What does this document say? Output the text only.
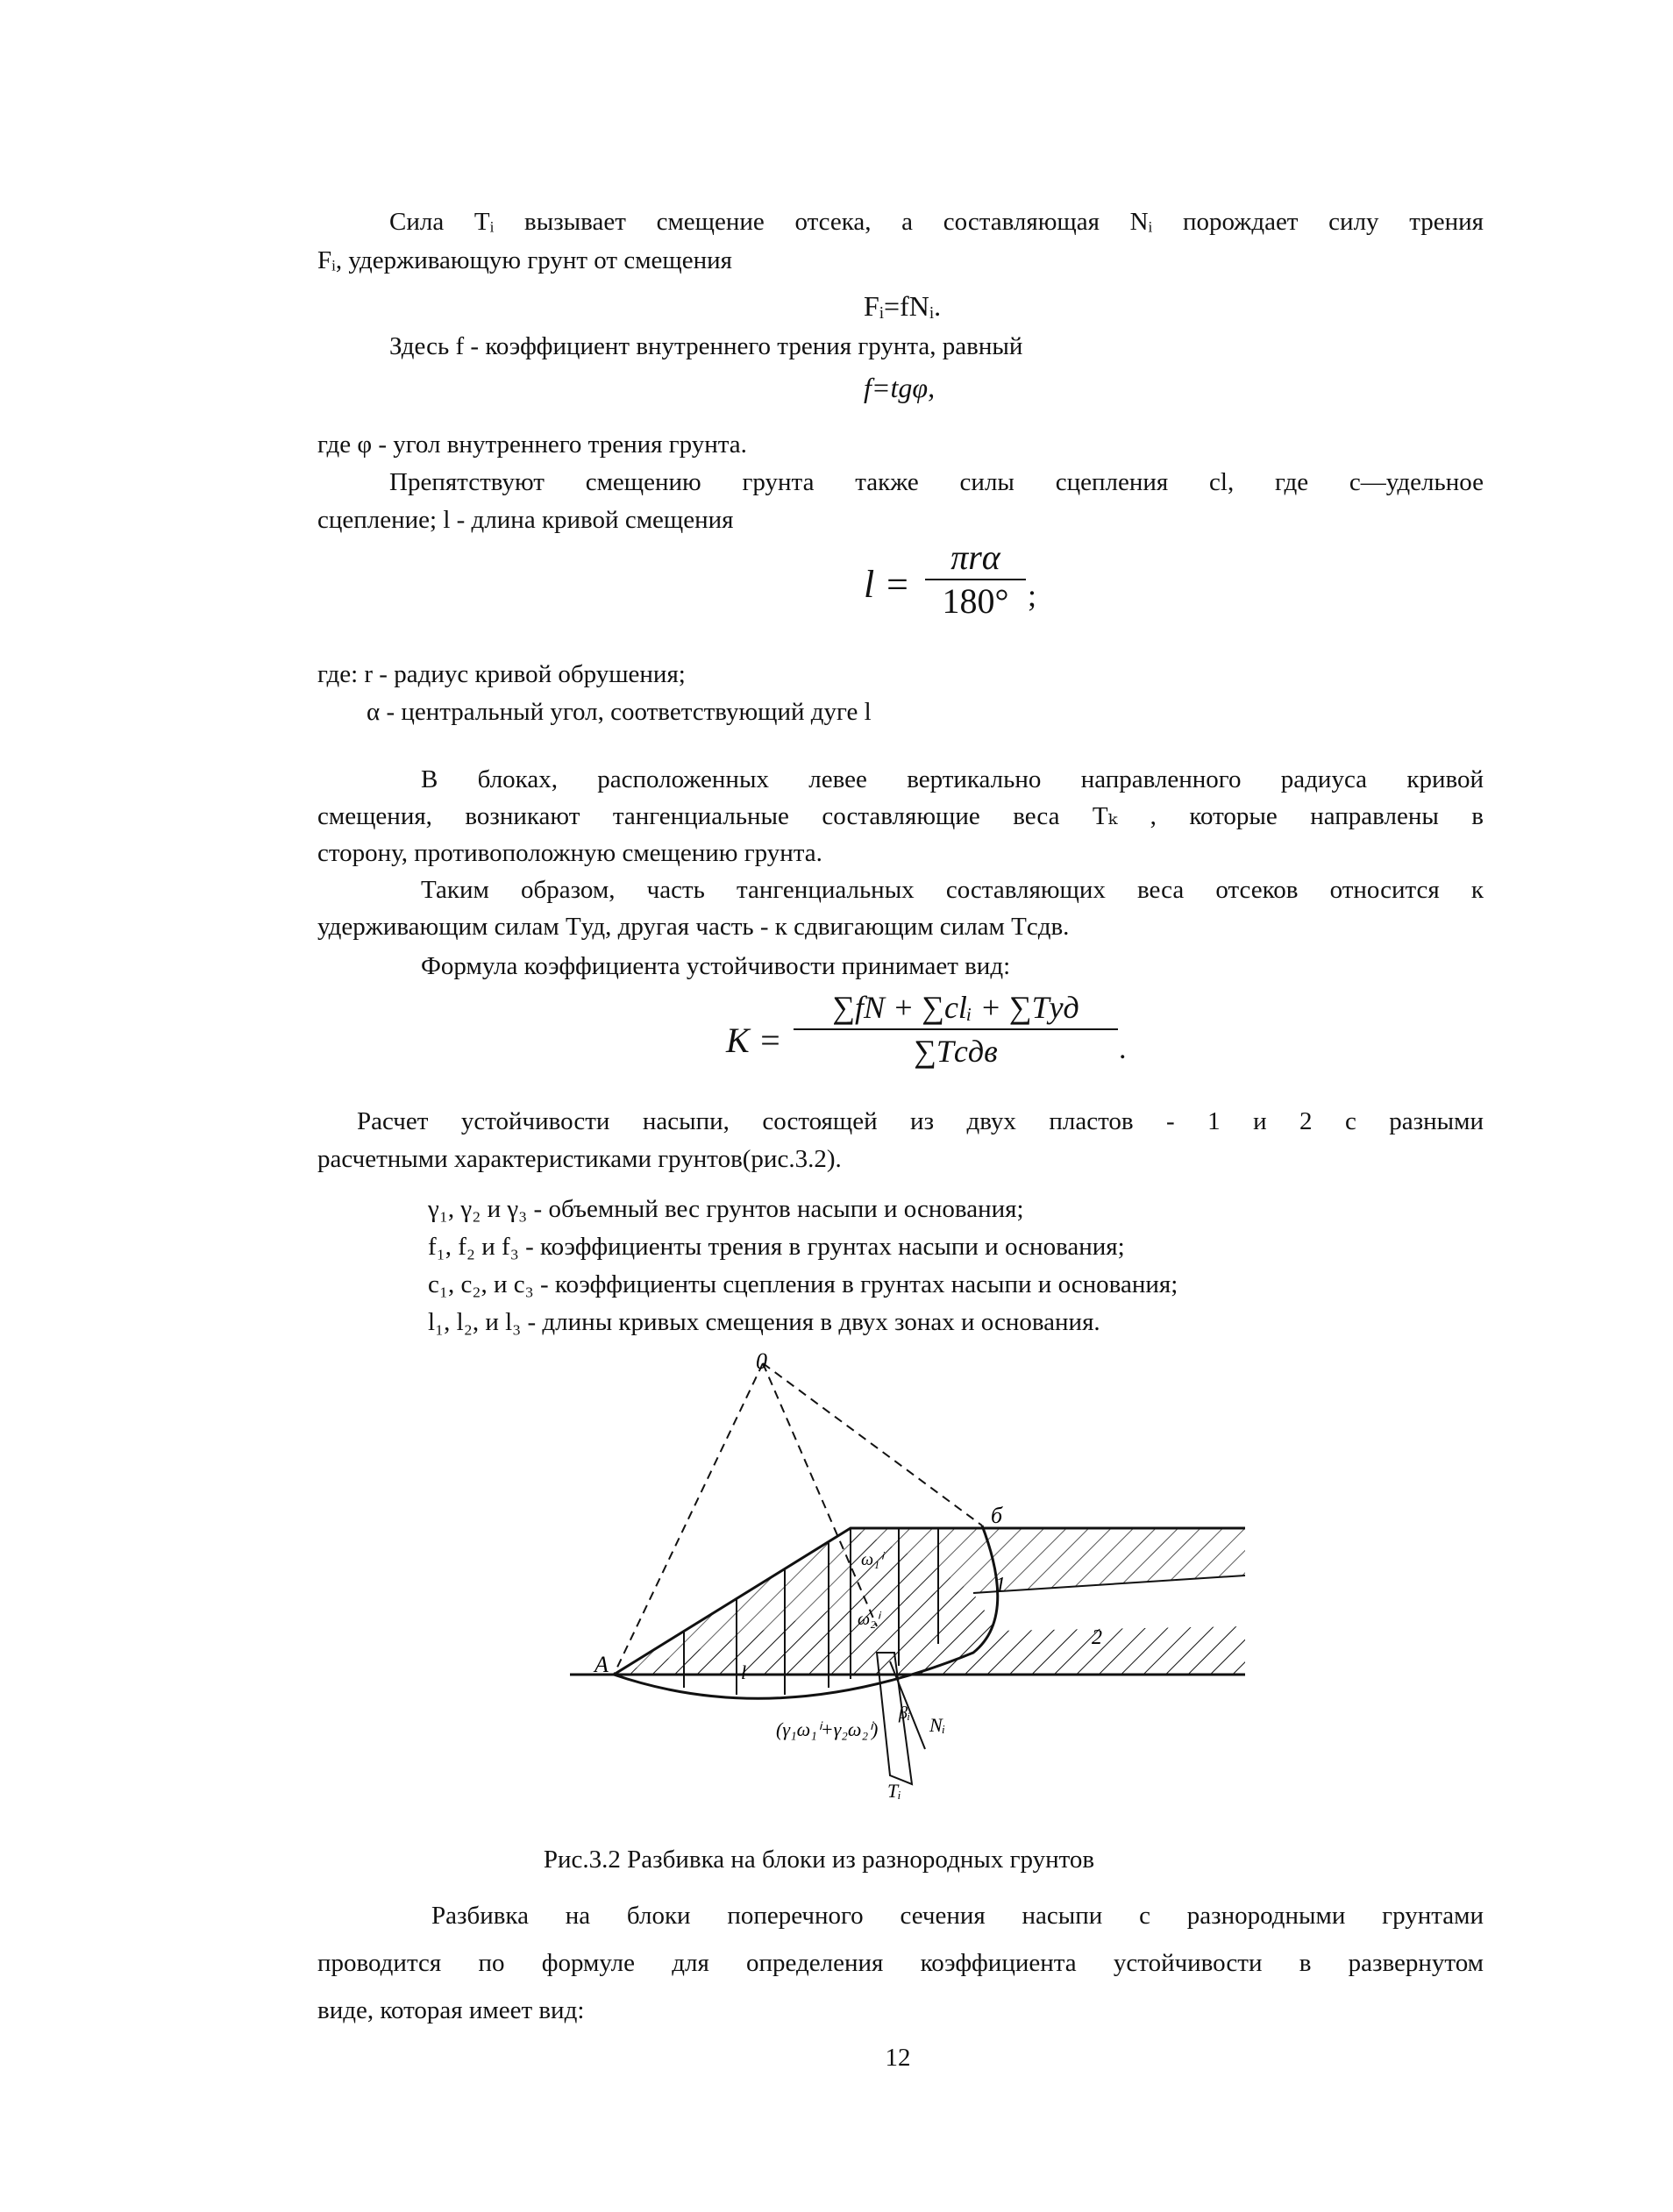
Сила Tᵢ вызывает смещение отсека, а составляющая Nᵢ порождает силу трения
Fᵢ, удерживающую грунт от смещения
Fᵢ=fNᵢ.
Здесь f - коэффициент внутреннего трения грунта, равный
f=tgφ,
где φ - угол внутреннего трения грунта.
Препятствуют смещению грунта также силы сцепления cl, где c—удельное
сцепление; l - длина кривой смещения
l =
πrα
180° ;
где: r - радиус кривой обрушения;
α - центральный угол, соответствующий дуге l
В блоках, расположенных левее вертикально направленного радиуса кривой
смещения, возникают тангенциальные составляющие веса Tₖ , которые направлены в
сторону, противоположную смещению грунта.
Таким образом, часть тангенциальных составляющих веса отсеков относится к
удерживающим силам Tуд, другая часть - к сдвигающим силам Tсдв.
Формула коэффициента устойчивости принимает вид:
K =
∑fN + ∑clᵢ + ∑Tуд
∑Tсдв	.
Расчет устойчивости насыпи, состоящей из двух пластов - 1 и 2 с разными
расчетными характеристиками грунтов(рис.3.2).
γ₁, γ₂ и γ₃ - объемный вес грунтов насыпи и основания;
f₁, f₂ и f₃ - коэффициенты трения в грунтах насыпи и основания;
c₁, c₂, и c₃ - коэффициенты сцепления в грунтах насыпи и основания;
l₁, l₂, и l₃ - длины кривых смещения в двух зонах и основания.
0
A
б
1
2
ω₁ⁱ
ω₂ⁱ
(γ₁ω₁ⁱ+γ₂ω₂ⁱ)
βᵢ
Nᵢ
Tᵢ
l
Рис.3.2 Разбивка на блоки из разнородных грунтов
Разбивка на блоки поперечного сечения насыпи с разнородными грунтами
проводится по формуле для определения коэффициента устойчивости в развернутом
виде, которая имеет вид:
12
